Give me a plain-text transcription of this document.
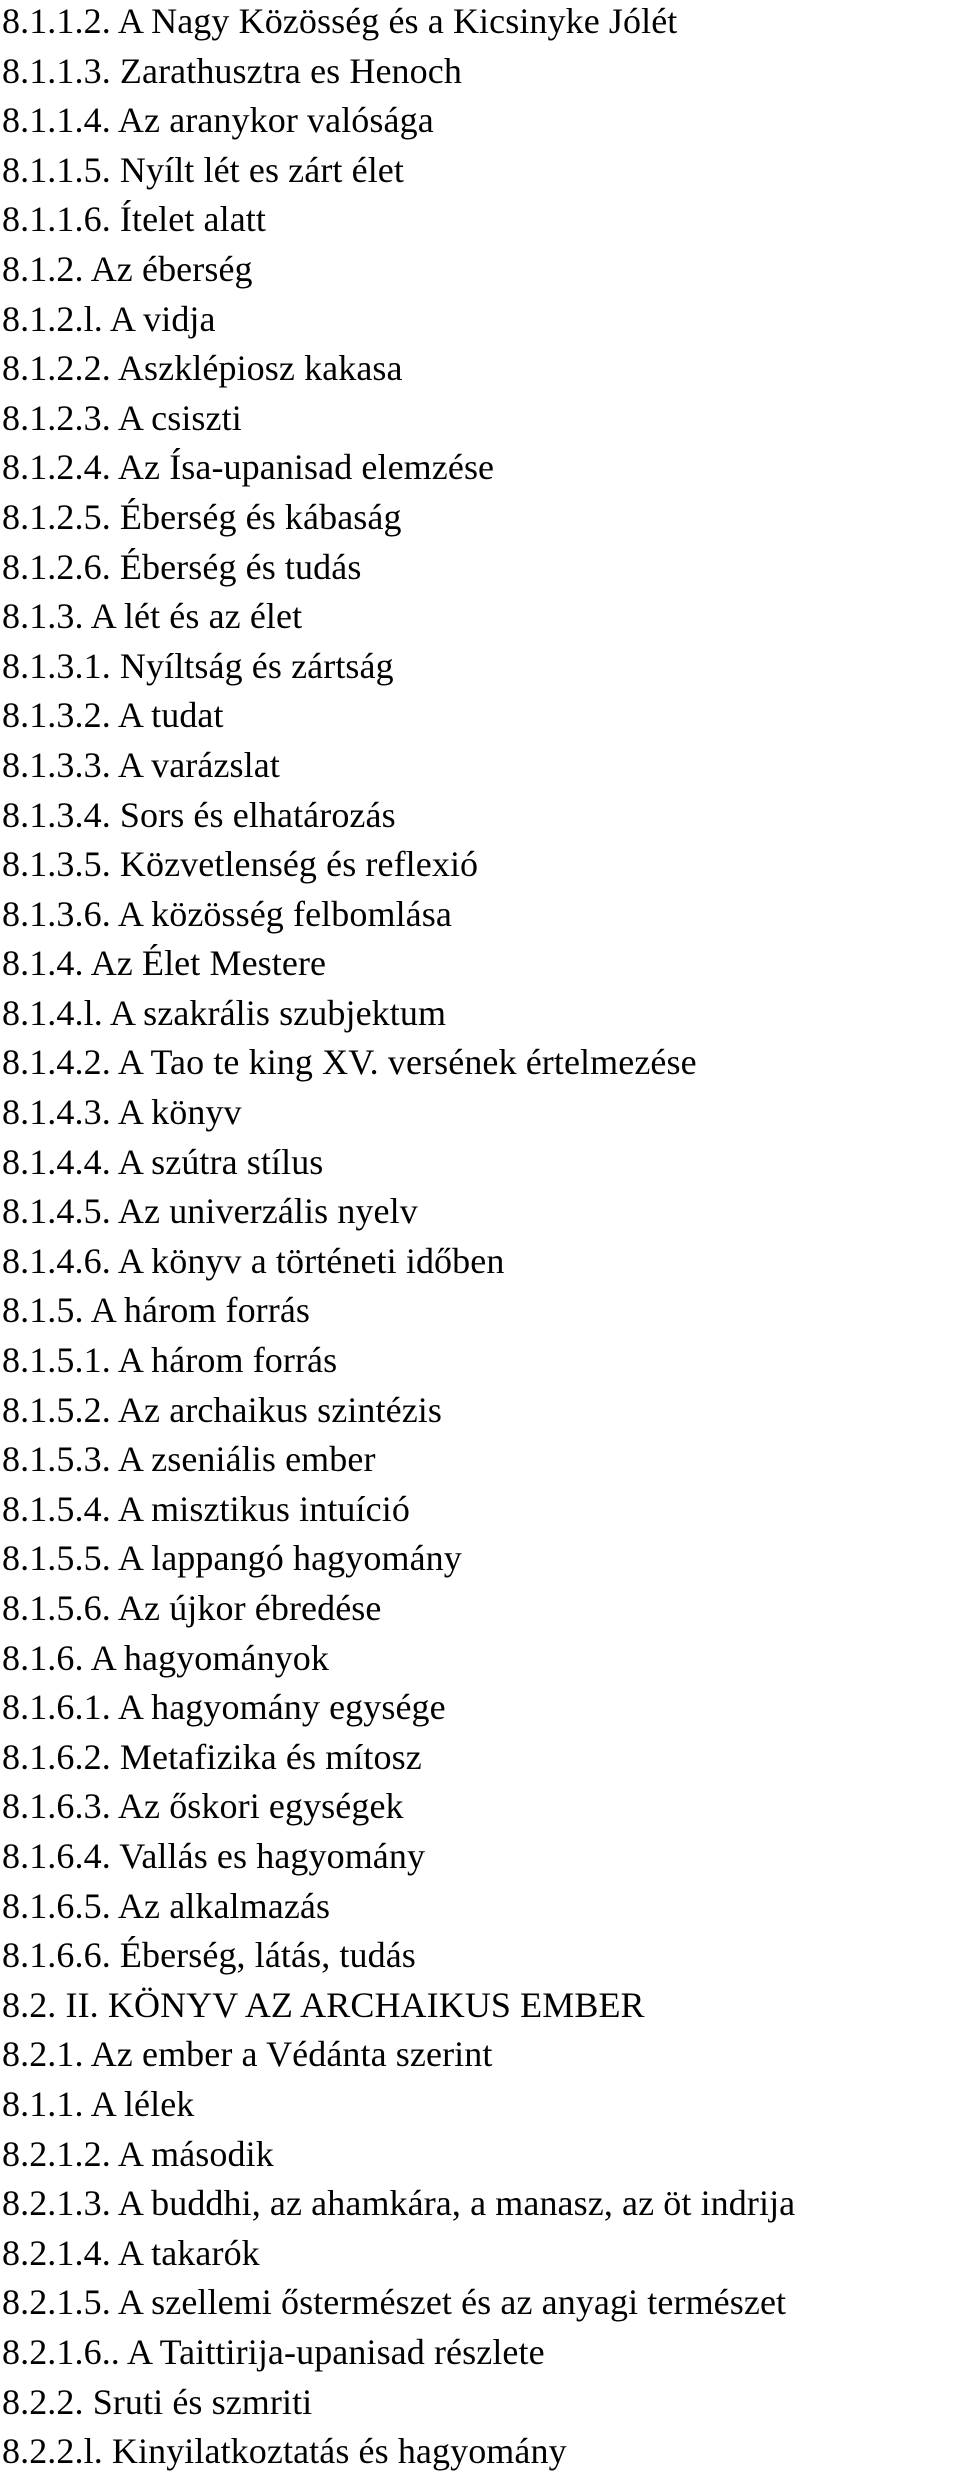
8.1.1.2. A Nagy Közösség és a Kicsinyke Jólét
8.1.1.3. Zarathusztra es Henoch
8.1.1.4. Az aranykor valósága
8.1.1.5. Nyílt lét es zárt élet
8.1.1.6. Ítelet alatt
8.1.2. Az éberség
8.1.2.l. A vidja
8.1.2.2. Aszklépiosz kakasa
8.1.2.3. A csiszti
8.1.2.4. Az Ísa-upanisad elemzése
8.1.2.5. Éberség és kábaság
8.1.2.6. Éberség és tudás
8.1.3. A lét és az élet
8.1.3.1. Nyíltság és zártság
8.1.3.2. A tudat
8.1.3.3. A varázslat
8.1.3.4. Sors és elhatározás
8.1.3.5. Közvetlenség és reflexió
8.1.3.6. A közösség felbomlása
8.1.4. Az Élet Mestere
8.1.4.l. A szakrális szubjektum
8.1.4.2. A Tao te king XV. versének értelmezése
8.1.4.3. A könyv
8.1.4.4. A szútra stílus
8.1.4.5. Az univerzális nyelv
8.1.4.6. A könyv a történeti időben
8.1.5. A három forrás
8.1.5.1. A három forrás
8.1.5.2. Az archaikus szintézis
8.1.5.3. A zseniális ember
8.1.5.4. A misztikus intuíció
8.1.5.5. A lappangó hagyomány
8.1.5.6. Az újkor ébredése
8.1.6. A hagyományok
8.1.6.1. A hagyomány egysége
8.1.6.2. Metafizika és mítosz
8.1.6.3. Az őskori egységek
8.1.6.4. Vallás es hagyomány
8.1.6.5. Az alkalmazás
8.1.6.6. Éberség, látás, tudás
8.2. II. KÖNYV AZ ARCHAIKUS EMBER
8.2.1. Az ember a Védánta szerint
8.1.1. A lélek
8.2.1.2. A második
8.2.1.3. A buddhi, az ahamkára, a manasz, az öt indrija
8.2.1.4. A takarók
8.2.1.5. A szellemi őstermészet és az anyagi természet
8.2.1.6.. A Taittirija-upanisad részlete
8.2.2. Sruti és szmriti
8.2.2.l. Kinyilatkoztatás és hagyomány
